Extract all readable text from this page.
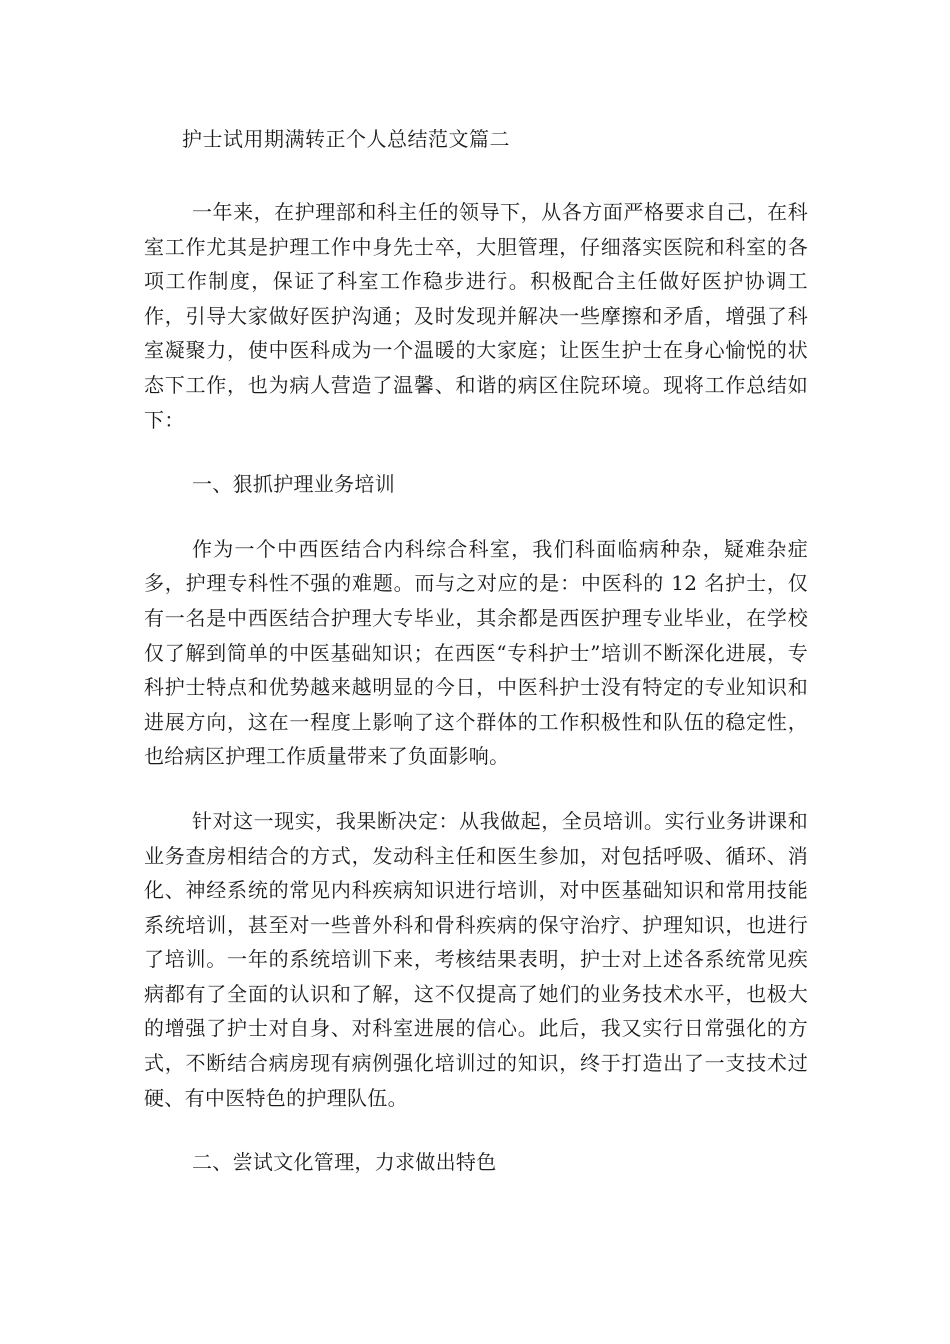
护士试用期满转正个人总结范文篇二

一年来，在护理部和科主任的领导下，从各方面严格要求自己，在科室工作尤其是护理工作中身先士卒，大胆管理，仔细落实医院和科室的各项工作制度，保证了科室工作稳步进行。积极配合主任做好医护协调工作，引导大家做好医护沟通；及时发现并解决一些摩擦和矛盾，增强了科室凝聚力，使中医科成为一个温暖的大家庭；让医生护士在身心愉悦的状态下工作，也为病人营造了温馨、和谐的病区住院环境。现将工作总结如下：

一、狠抓护理业务培训

作为一个中西医结合内科综合科室，我们科面临病种杂，疑难杂症多，护理专科性不强的难题。而与之对应的是：中医科的 12 名护士，仅有一名是中西医结合护理大专毕业，其余都是西医护理专业毕业，在学校仅了解到简单的中医基础知识；在西医“专科护士”培训不断深化进展，专科护士特点和优势越来越明显的今日，中医科护士没有特定的专业知识和进展方向，这在一程度上影响了这个群体的工作积极性和队伍的稳定性，也给病区护理工作质量带来了负面影响。

针对这一现实，我果断决定：从我做起，全员培训。实行业务讲课和业务查房相结合的方式，发动科主任和医生参加，对包括呼吸、循环、消化、神经系统的常见内科疾病知识进行培训，对中医基础知识和常用技能系统培训，甚至对一些普外科和骨科疾病的保守治疗、护理知识，也进行了培训。一年的系统培训下来，考核结果表明，护士对上述各系统常见疾病都有了全面的认识和了解，这不仅提高了她们的业务技术水平，也极大的增强了护士对自身、对科室进展的信心。此后，我又实行日常强化的方式，不断结合病房现有病例强化培训过的知识，终于打造出了一支技术过硬、有中医特色的护理队伍。

二、尝试文化管理，力求做出特色
